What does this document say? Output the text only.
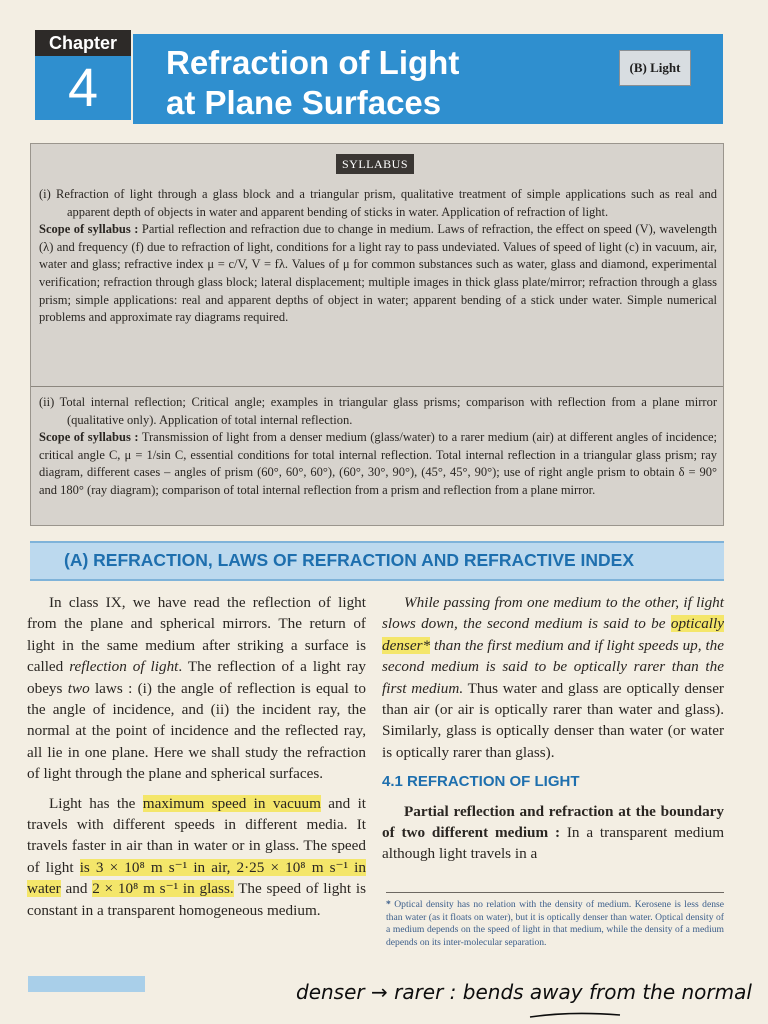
Chapter
4	Refraction of Light
at Plane Surfaces
(B) Light
SYLLABUS

(i) Refraction of light through a glass block and a triangular prism, qualitative treatment of simple applications such as real and apparent depth of objects in water and apparent bending of sticks in water. Application of refraction of light.

Scope of syllabus : Partial reflection and refraction due to change in medium. Laws of refraction, the effect on speed (V), wavelength (λ) and frequency (f) due to refraction of light, conditions for a light ray to pass undeviated. Values of speed of light (c) in vacuum, air, water and glass; refractive index μ = c/V, V = fλ. Values of μ for common substances such as water, glass and diamond, experimental verification; refraction through glass block; lateral displacement; multiple images in thick glass plate/mirror; refraction through a glass prism; simple applications: real and apparent depths of object in water; apparent bending of a stick under water. Simple numerical problems and approximate ray diagrams required.

(ii) Total internal reflection; Critical angle; examples in triangular glass prisms; comparison with reflection from a plane mirror (qualitative only). Application of total internal reflection.

Scope of syllabus : Transmission of light from a denser medium (glass/water) to a rarer medium (air) at different angles of incidence; critical angle C, μ = 1/sin C, essential conditions for total internal reflection. Total internal reflection in a triangular glass prism; ray diagram, different cases – angles of prism (60°, 60°, 60°), (60°, 30°, 90°), (45°, 45°, 90°); use of right angle prism to obtain δ = 90° and 180° (ray diagram); comparison of total internal reflection from a prism and reflection from a plane mirror.

(A) REFRACTION, LAWS OF REFRACTION AND REFRACTIVE INDEX

In class IX, we have read the reflection of light from the plane and spherical mirrors. The return of light in the same medium after striking a surface is called reflection of light. The reflection of a light ray obeys two laws : (i) the angle of reflection is equal to the angle of incidence, and (ii) the incident ray, the normal at the point of incidence and the reflected ray, all lie in one plane. Here we shall study the refraction of light through the plane and spherical surfaces.

Light has the maximum speed in vacuum and it travels with different speeds in different media. It travels faster in air than in water or in glass. The speed of light is 3 × 10⁸ m s⁻¹ in air, 2·25 × 10⁸ m s⁻¹ in water and 2 × 10⁸ m s⁻¹ in glass. The speed of light is constant in a transparent homogeneous medium.

While passing from one medium to the other, if light slows down, the second medium is said to be optically denser* than the first medium and if light speeds up, the second medium is said to be optically rarer than the first medium. Thus water and glass are optically denser than air (or air is optically rarer than water and glass). Similarly, glass is optically denser than water (or water is optically rarer than glass).

4.1 REFRACTION OF LIGHT

Partial reflection and refraction at the boundary of two different medium : In a transparent medium although light travels in a

* Optical density has no relation with the density of medium. Kerosene is less dense than water (as it floats on water), but it is optically denser than water. Optical density of a medium depends on the speed of light in that medium, while the density of a medium depends on its inter-molecular separation.
denser → rarer : bends away from the normal
